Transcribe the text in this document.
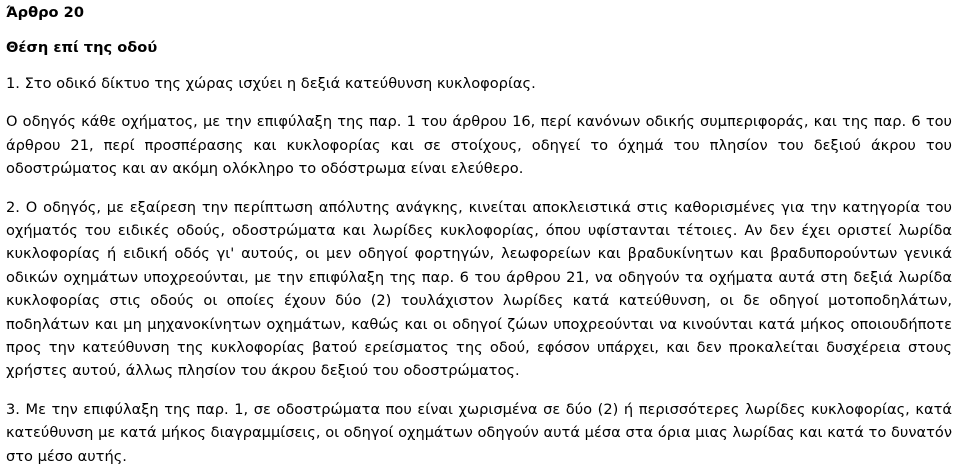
Άρθρο 20
Θέση επί της οδού

1. Στο οδικό δίκτυο της χώρας ισχύει η δεξιά κατεύθυνση κυκλοφορίας.

Ο οδηγός κάθε οχήματος, με την επιφύλαξη της παρ. 1 του άρθρου 16, περί κανόνων οδικής συμπεριφοράς, και της παρ. 6 του άρθρου 21, περί προσπέρασης και κυκλοφορίας και σε στοίχους, οδηγεί το όχημά του πλησίον του δεξιού άκρου του οδοστρώματος και αν ακόμη ολόκληρο το οδόστρωμα είναι ελεύθερο.

2. Ο οδηγός, με εξαίρεση την περίπτωση απόλυτης ανάγκης, κινείται αποκλειστικά στις καθορισμένες για την κατηγορία του οχήματός του ειδικές οδούς, οδοστρώματα και λωρίδες κυκλοφορίας, όπου υφίστανται τέτοιες. Αν δεν έχει οριστεί λωρίδα κυκλοφορίας ή ειδική οδός γι' αυτούς, οι μεν οδηγοί φορτηγών, λεωφορείων και βραδυκίνητων και βραδυπορούντων γενικά οδικών οχημάτων υποχρεούνται, με την επιφύλαξη της παρ. 6 του άρθρου 21, να οδηγούν τα οχήματα αυτά στη δεξιά λωρίδα κυκλοφορίας στις οδούς οι οποίες έχουν δύο (2) τουλάχιστον λωρίδες κατά κατεύθυνση, οι δε οδηγοί μοτοποδηλάτων, ποδηλάτων και μη μηχανοκίνητων οχημάτων, καθώς και οι οδηγοί ζώων υποχρεούνται να κινούνται κατά μήκος οποιουδήποτε προς την κατεύθυνση της κυκλοφορίας βατού ερείσματος της οδού, εφόσον υπάρχει, και δεν προκαλείται δυσχέρεια στους χρήστες αυτού, άλλως πλησίον του άκρου δεξιού του οδοστρώματος.

3. Με την επιφύλαξη της παρ. 1, σε οδοστρώματα που είναι χωρισμένα σε δύο (2) ή περισσότερες λωρίδες κυκλοφορίας, κατά κατεύθυνση με κατά μήκος διαγραμμίσεις, οι οδηγοί οχημάτων οδηγούν αυτά μέσα στα όρια μιας λωρίδας και κατά το δυνατόν στο μέσο αυτής.
